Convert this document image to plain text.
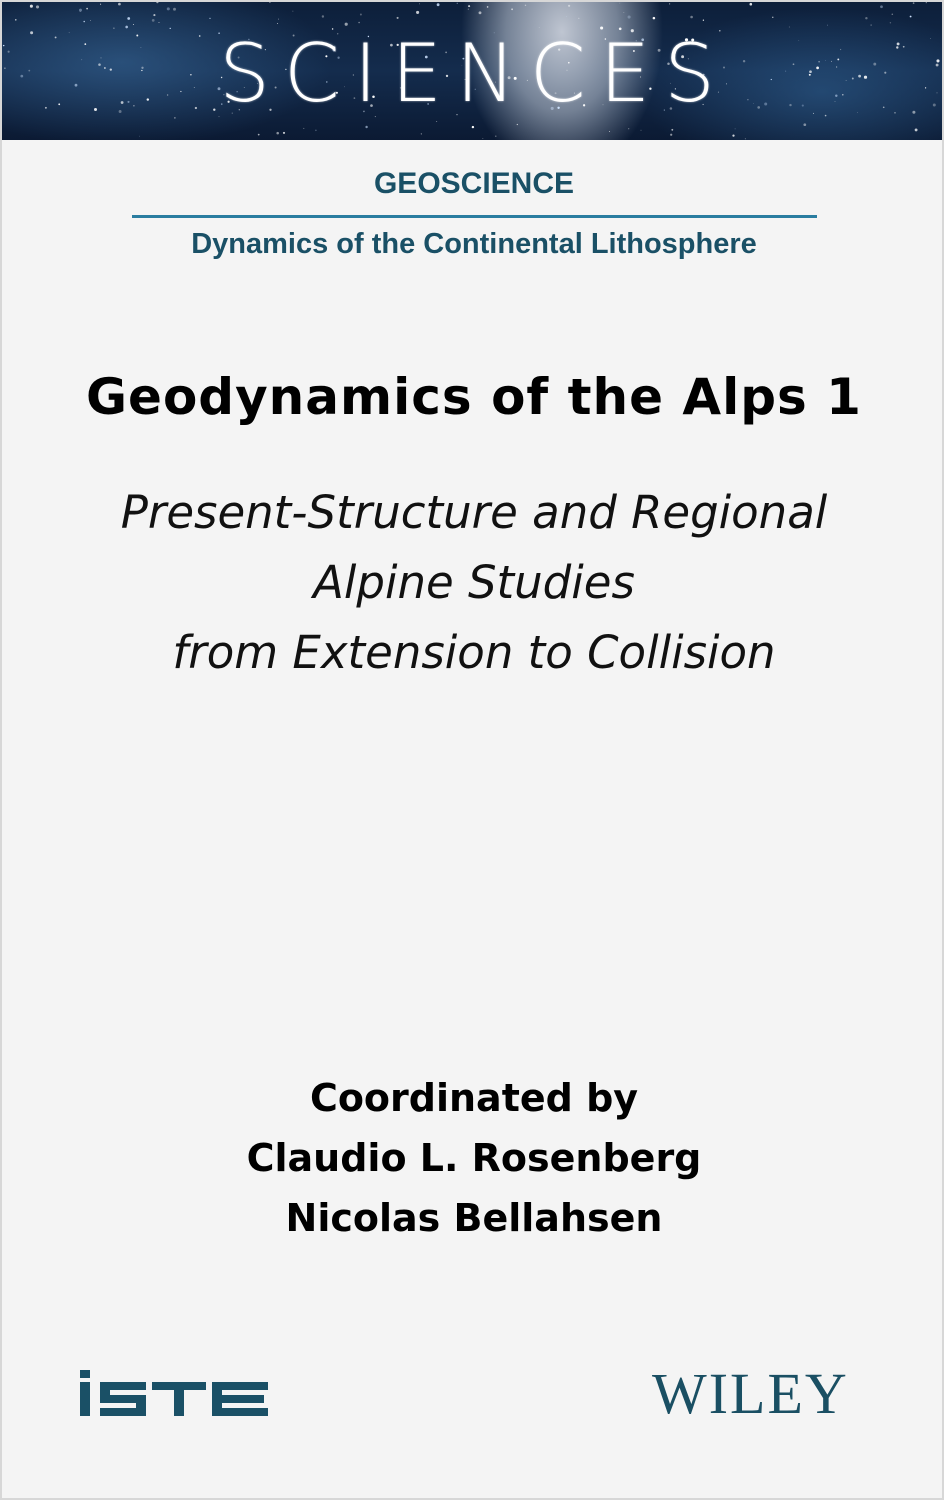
SCIENCES
GEOSCIENCE
Dynamics of the Continental Lithosphere
Geodynamics of the Alps 1
Present-Structure and Regional
Alpine Studies
from Extension to Collision
Coordinated by
Claudio L. Rosenberg
Nicolas Bellahsen
WILEY
